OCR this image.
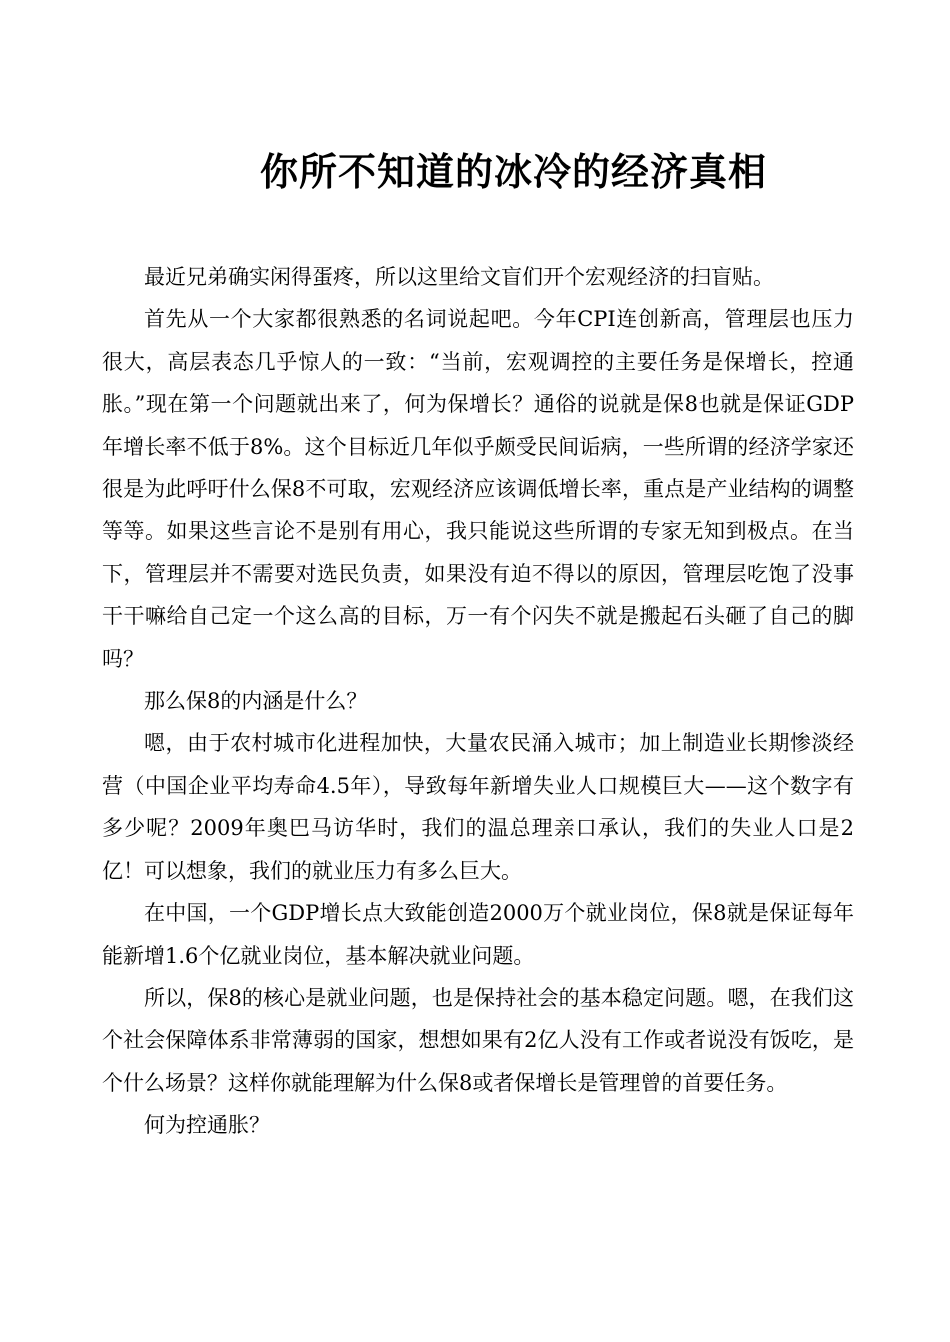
你所不知道的冰冷的经济真相

最近兄弟确实闲得蛋疼，所以这里给文盲们开个宏观经济的扫盲贴。

首先从一个大家都很熟悉的名词说起吧。今年CPI连创新高，管理层也压力很大，高层表态几乎惊人的一致：“当前，宏观调控的主要任务是保增长，控通胀。”现在第一个问题就出来了，何为保增长？通俗的说就是保8也就是保证GDP年增长率不低于8%。这个目标近几年似乎颇受民间诟病，一些所谓的经济学家还很是为此呼吁什么保8不可取，宏观经济应该调低增长率，重点是产业结构的调整等等。如果这些言论不是别有用心，我只能说这些所谓的专家无知到极点。在当下，管理层并不需要对选民负责，如果没有迫不得以的原因，管理层吃饱了没事干干嘛给自己定一个这么高的目标，万一有个闪失不就是搬起石头砸了自己的脚吗？

那么保8的内涵是什么？

嗯，由于农村城市化进程加快，大量农民涌入城市；加上制造业长期惨淡经营（中国企业平均寿命4.5年），导致每年新增失业人口规模巨大——这个数字有多少呢？2009年奥巴马访华时，我们的温总理亲口承认，我们的失业人口是2亿！可以想象，我们的就业压力有多么巨大。

在中国，一个GDP增长点大致能创造2000万个就业岗位，保8就是保证每年能新增1.6个亿就业岗位，基本解决就业问题。

所以，保8的核心是就业问题，也是保持社会的基本稳定问题。嗯，在我们这个社会保障体系非常薄弱的国家，想想如果有2亿人没有工作或者说没有饭吃，是个什么场景？这样你就能理解为什么保8或者保增长是管理曾的首要任务。

何为控通胀？
